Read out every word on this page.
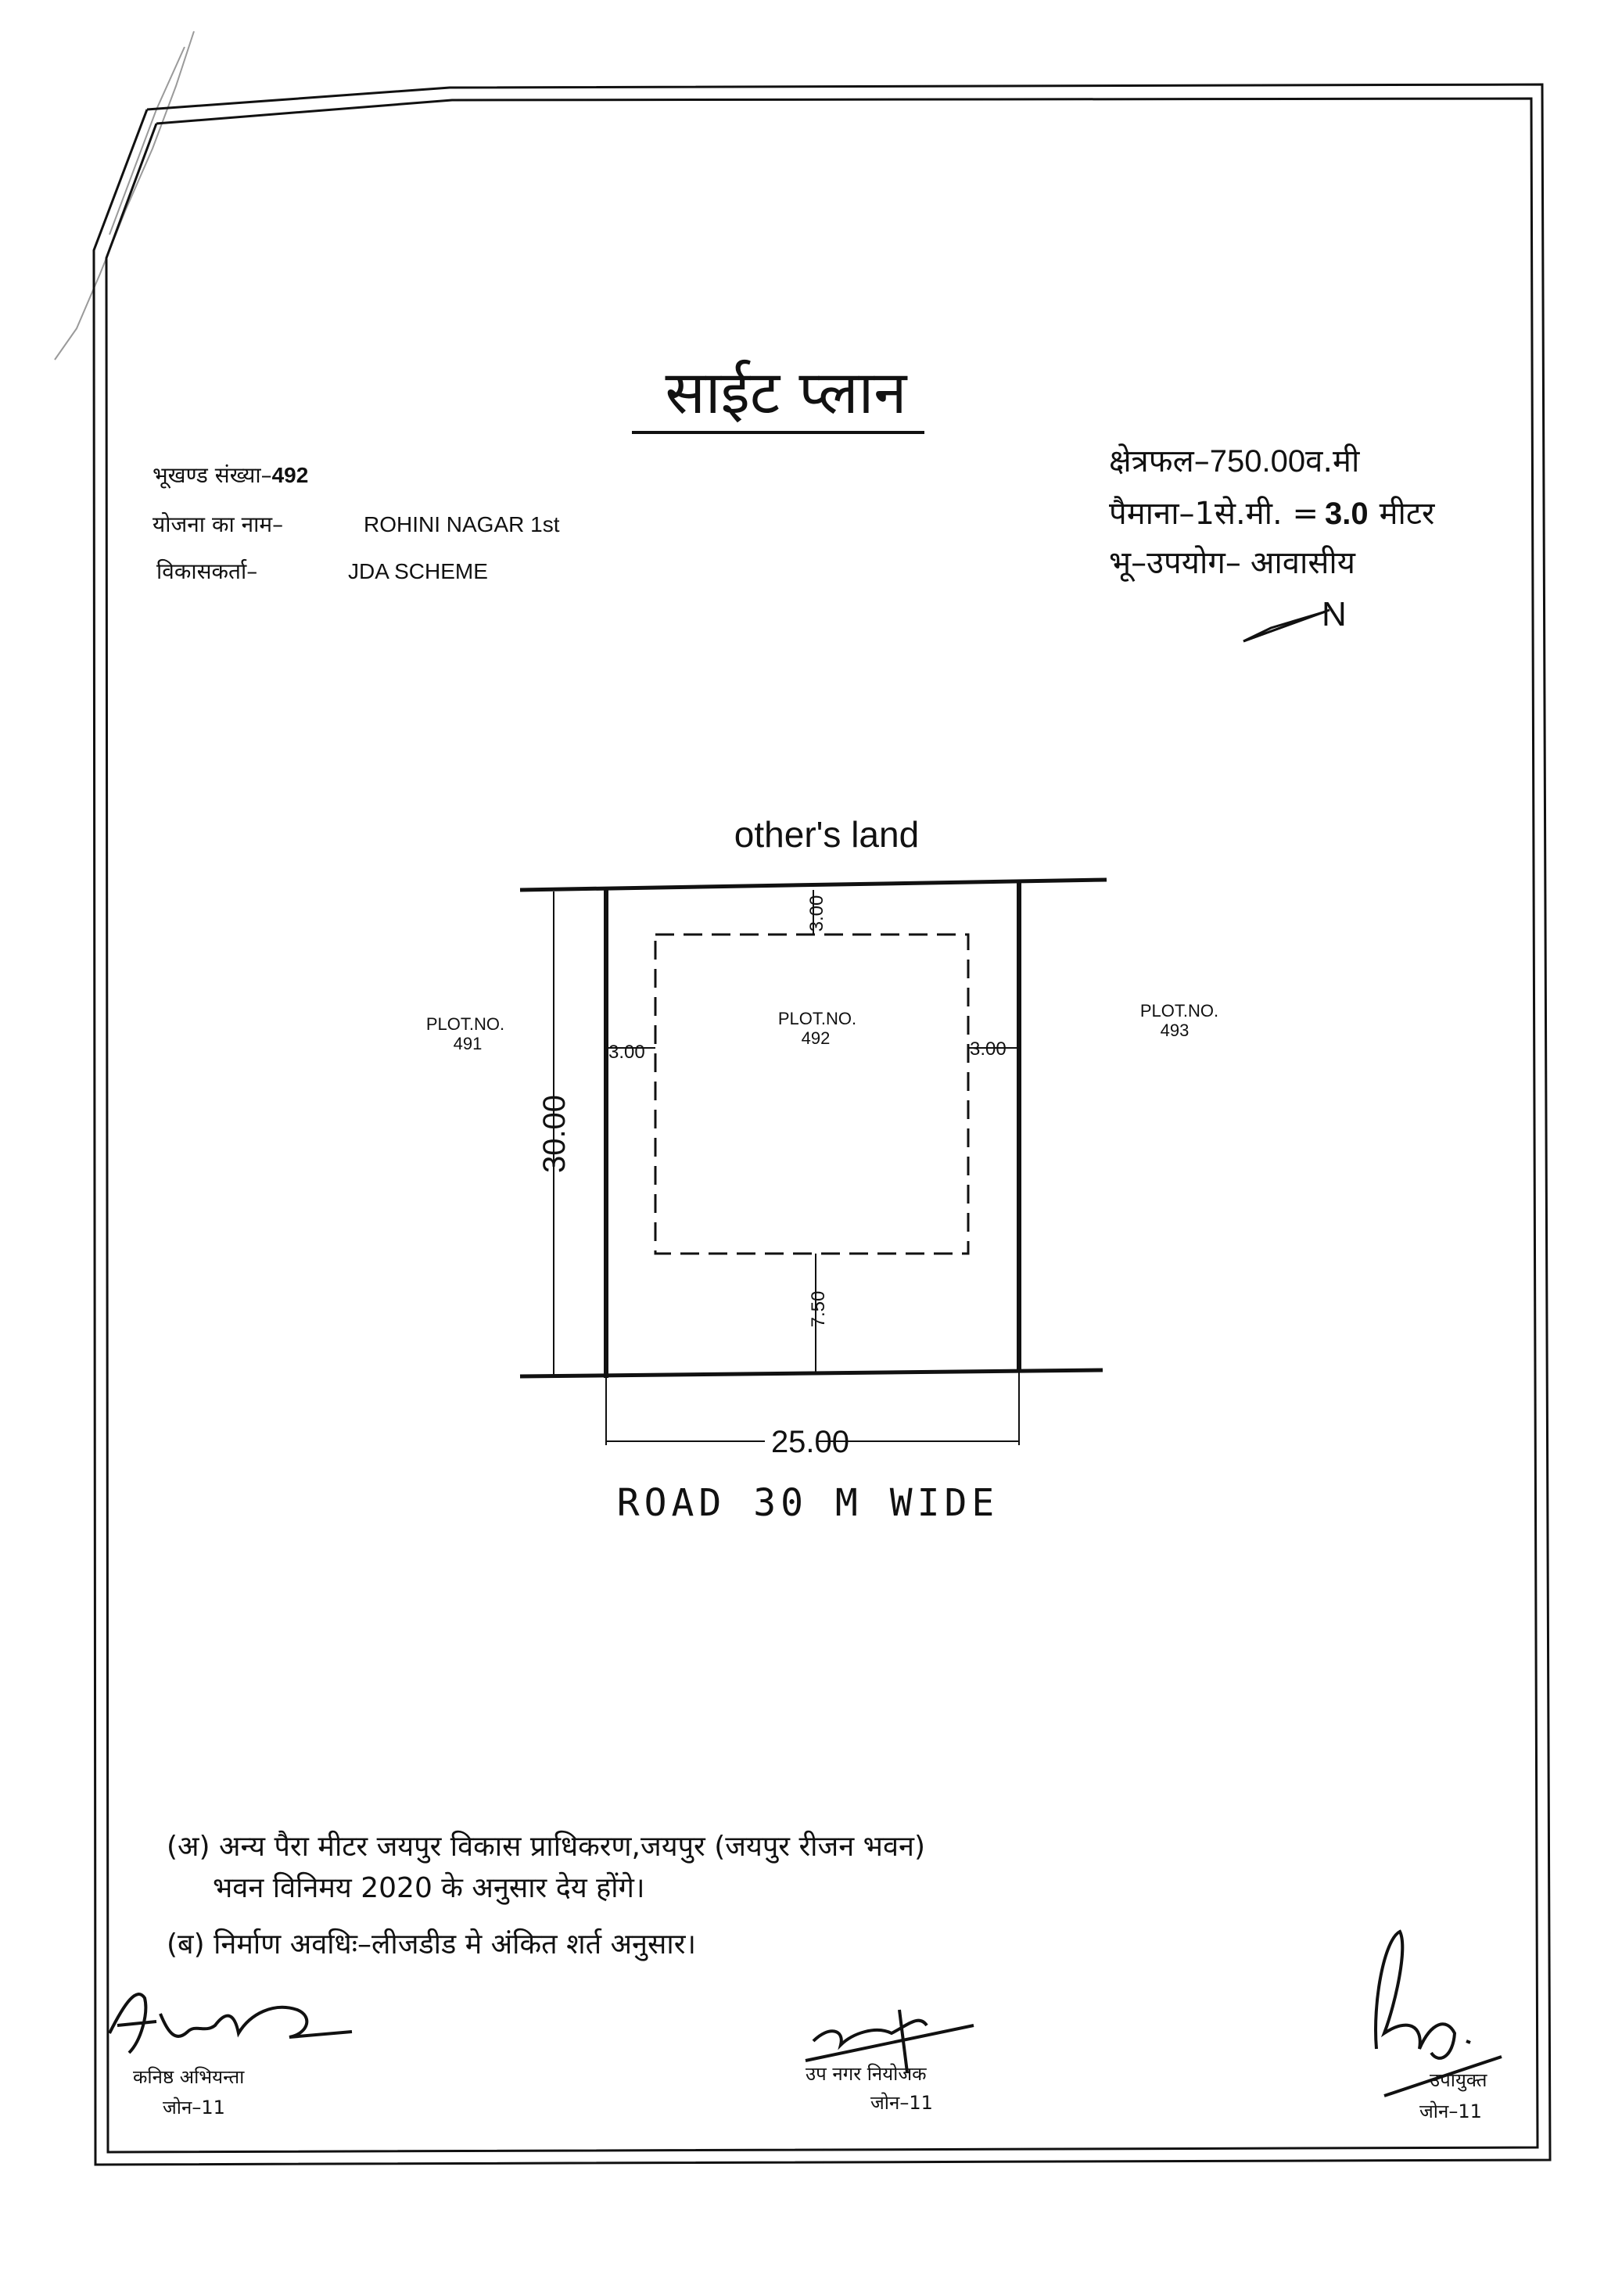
साईट प्लान
भूखण्ड संख्या–492
योजना का नाम–	ROHINI NAGAR 1st
विकासकर्ता–	JDA SCHEME
क्षेत्रफल–750.00व.मी
पैमाना–1से.मी. = 3.0 मीटर
भू–उपयोग– आवासीय
N
other's land
PLOT.NO.
491
PLOT.NO.
492
PLOT.NO.
493
3.00	3.00
3.00
7.50
30.00
25.00
ROAD 30 M WIDE
(अ) अन्य पैरा मीटर जयपुर विकास प्राधिकरण,जयपुर (जयपुर रीजन भवन)
भवन विनिमय 2020 के अनुसार देय होंगे।
(ब) निर्माण अवधिः–लीजडीड मे अंकित शर्त अनुसार।
कनिष्ठ अभियन्ता
जोन–11
उप नगर नियोजक
जोन–11
उपायुक्त
जोन–11
